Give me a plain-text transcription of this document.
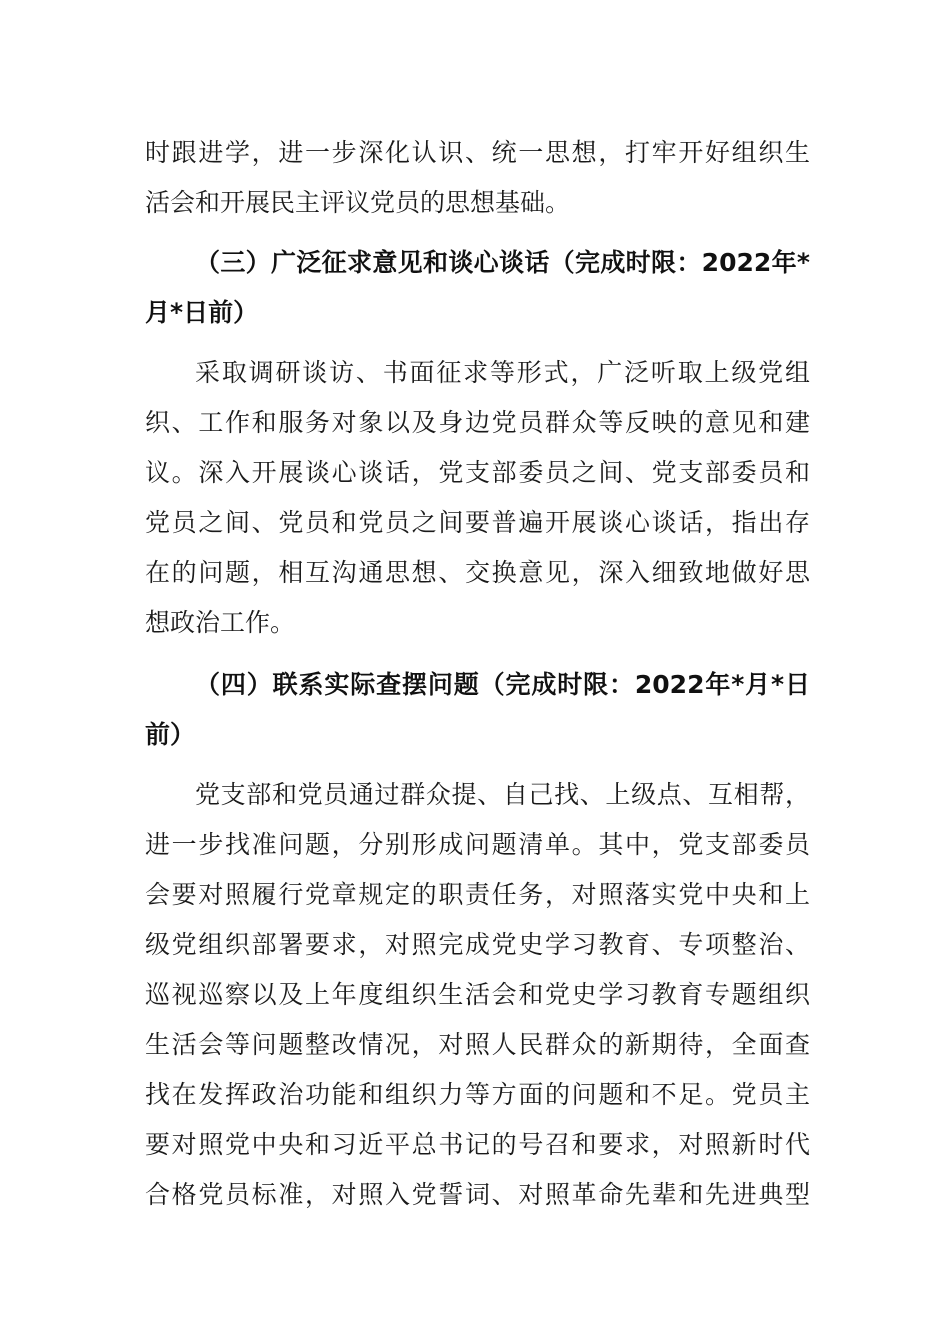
时跟进学，进一步深化认识、统一思想，打牢开好组织生
活会和开展民主评议党员的思想基础。
（三）广泛征求意见和谈心谈话（完成时限：2022年*
月*日前）
采取调研谈访、书面征求等形式，广泛听取上级党组
织、工作和服务对象以及身边党员群众等反映的意见和建
议。深入开展谈心谈话，党支部委员之间、党支部委员和
党员之间、党员和党员之间要普遍开展谈心谈话，指出存
在的问题，相互沟通思想、交换意见，深入细致地做好思
想政治工作。
（四）联系实际查摆问题（完成时限：2022年*月*日
前）
党支部和党员通过群众提、自己找、上级点、互相帮，
进一步找准问题，分别形成问题清单。其中，党支部委员
会要对照履行党章规定的职责任务，对照落实党中央和上
级党组织部署要求，对照完成党史学习教育、专项整治、
巡视巡察以及上年度组织生活会和党史学习教育专题组织
生活会等问题整改情况，对照人民群众的新期待，全面查
找在发挥政治功能和组织力等方面的问题和不足。党员主
要对照党中央和习近平总书记的号召和要求，对照新时代
合格党员标准，对照入党誓词、对照革命先辈和先进典型
